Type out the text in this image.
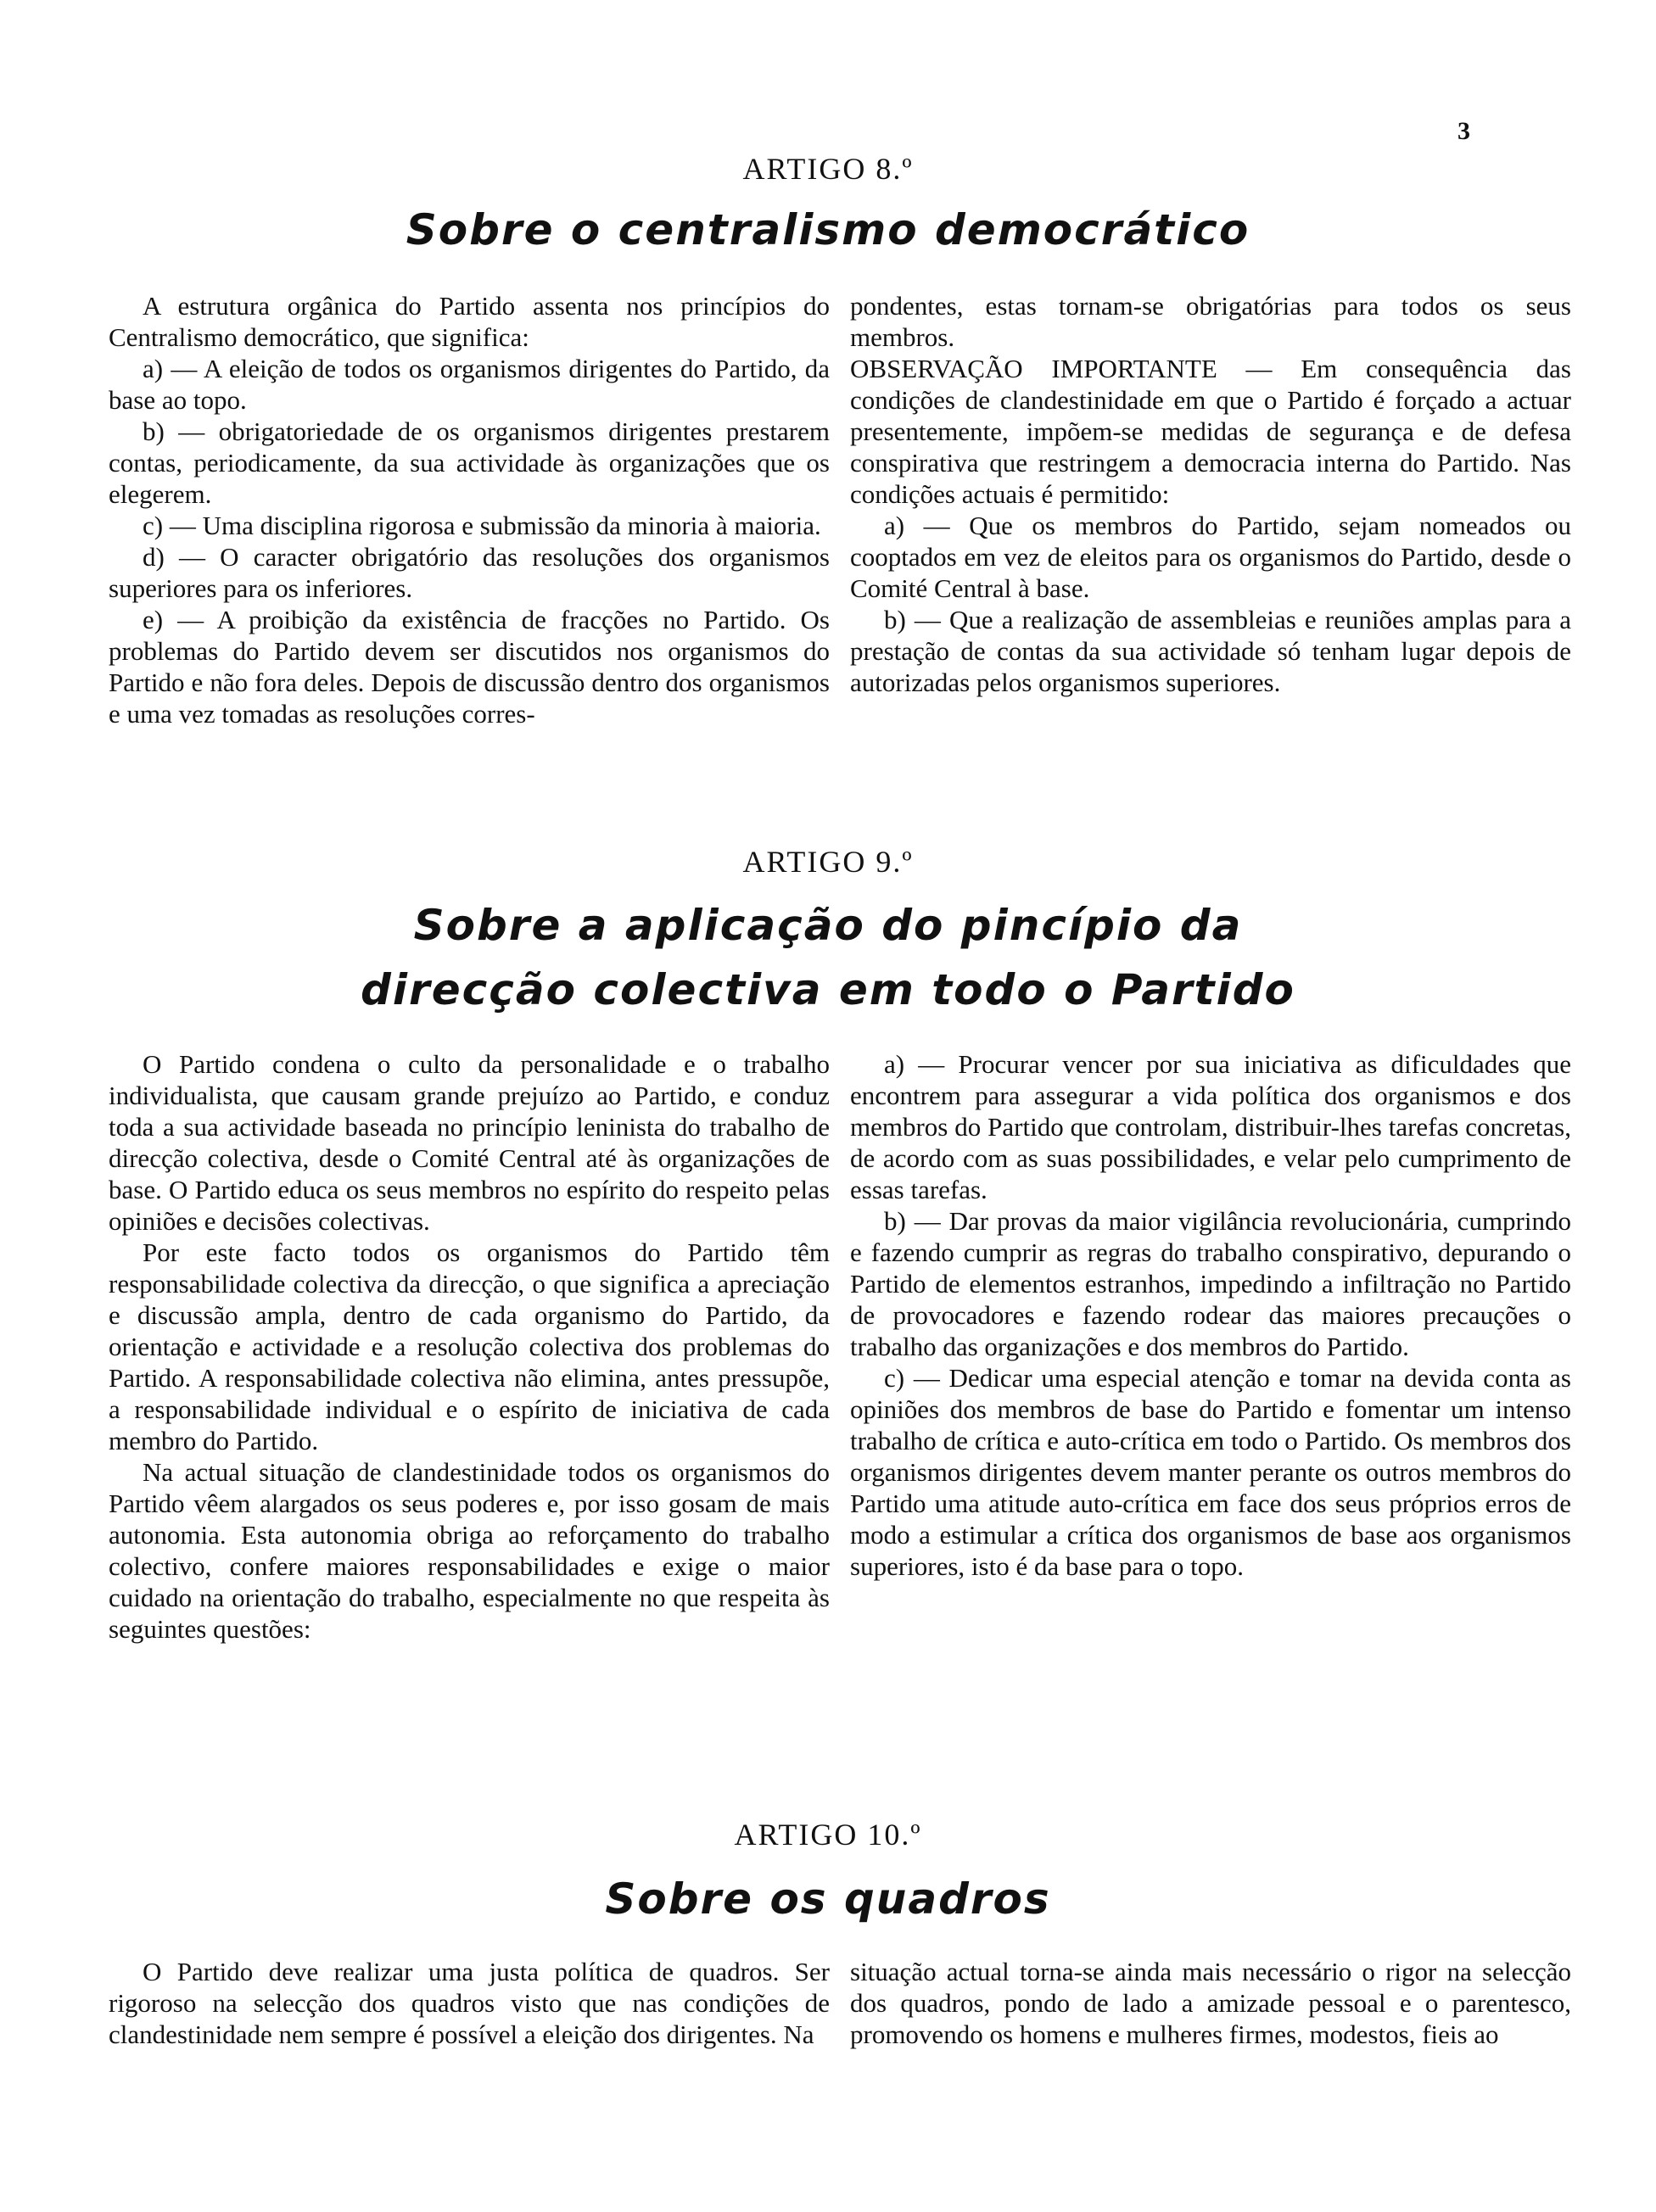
3
ARTIGO 8.º
Sobre o centralismo democrático

A estrutura orgânica do Partido assenta nos princípios do Centralismo democrático, que significa:

a) — A eleição de todos os organismos dirigentes do Partido, da base ao topo.

b) — obrigatoriedade de os organismos dirigentes prestarem contas, periodicamente, da sua actividade às organizações que os elegerem.

c) — Uma disciplina rigorosa e submissão da minoria à maioria.

d) — O caracter obrigatório das resoluções dos organismos superiores para os inferiores.

e) — A proibição da existência de fracções no Partido. Os problemas do Partido devem ser discutidos nos organismos do Partido e não fora deles. Depois de discussão dentro dos organismos e uma vez tomadas as resoluções corres-

pondentes, estas tornam-se obrigatórias para todos os seus membros.

OBSERVAÇÃO IMPORTANTE — Em consequência das condições de clandestinidade em que o Partido é forçado a actuar presentemente, impõem-se medidas de segurança e de defesa conspirativa que restringem a democracia interna do Partido. Nas condições actuais é permitido:

a) — Que os membros do Partido, sejam nomeados ou cooptados em vez de eleitos para os organismos do Partido, desde o Comité Central à base.

b) — Que a realização de assembleias e reuniões amplas para a prestação de contas da sua actividade só tenham lugar depois de autorizadas pelos organismos superiores.

ARTIGO 9.º
Sobre a aplicação do pincípio da
direcção colectiva em todo o Partido

O Partido condena o culto da personalidade e o trabalho individualista, que causam grande prejuízo ao Partido, e conduz toda a sua actividade baseada no princípio leninista do trabalho de direcção colectiva, desde o Comité Central até às organizações de base. O Partido educa os seus membros no espírito do respeito pelas opiniões e decisões colectivas.

Por este facto todos os organismos do Partido têm responsabilidade colectiva da direcção, o que significa a apreciação e discussão ampla, dentro de cada organismo do Partido, da orientação e actividade e a resolução colectiva dos problemas do Partido. A responsabilidade colectiva não elimina, antes pressupõe, a responsabilidade individual e o espírito de iniciativa de cada membro do Partido.

Na actual situação de clandestinidade todos os organismos do Partido vêem alargados os seus poderes e, por isso gosam de mais autonomia. Esta autonomia obriga ao reforçamento do trabalho colectivo, confere maiores responsabilidades e exige o maior cuidado na orientação do trabalho, especialmente no que respeita às seguintes questões:

a) — Procurar vencer por sua iniciativa as dificuldades que encontrem para assegurar a vida política dos organismos e dos membros do Partido que controlam, distribuir-lhes tarefas concretas, de acordo com as suas possibilidades, e velar pelo cumprimento de essas tarefas.

b) — Dar provas da maior vigilância revolucionária, cumprindo e fazendo cumprir as regras do trabalho conspirativo, depurando o Partido de elementos estranhos, impedindo a infiltração no Partido de provocadores e fazendo rodear das maiores precauções o trabalho das organizações e dos membros do Partido.

c) — Dedicar uma especial atenção e tomar na devida conta as opiniões dos membros de base do Partido e fomentar um intenso trabalho de crítica e auto-crítica em todo o Partido. Os membros dos organismos dirigentes devem manter perante os outros membros do Partido uma atitude auto-crítica em face dos seus próprios erros de modo a estimular a crítica dos organismos de base aos organismos superiores, isto é da base para o topo.

ARTIGO 10.º
Sobre os quadros

O Partido deve realizar uma justa política de quadros. Ser rigoroso na selecção dos quadros visto que nas condições de clandestinidade nem sempre é possível a eleição dos dirigentes. Na

situação actual torna-se ainda mais necessário o rigor na selecção dos quadros, pondo de lado a amizade pessoal e o parentesco, promovendo os homens e mulheres firmes, modestos, fieis ao
